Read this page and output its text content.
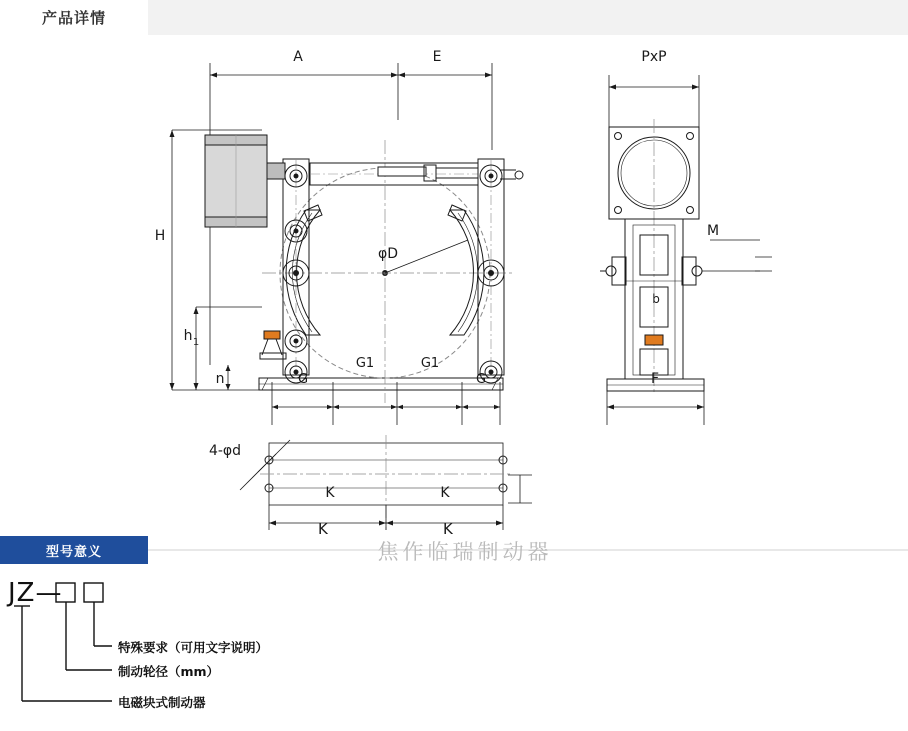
产品详情
A	E	PxP
H
h 1
n	G
G1	G1
G	F
M
b
K	K
φD
4-φd
K	K
型号意义	焦作临瑞制动器
JZ—
特殊要求（可用文字说明）
制动轮径（mm）
电磁块式制动器
